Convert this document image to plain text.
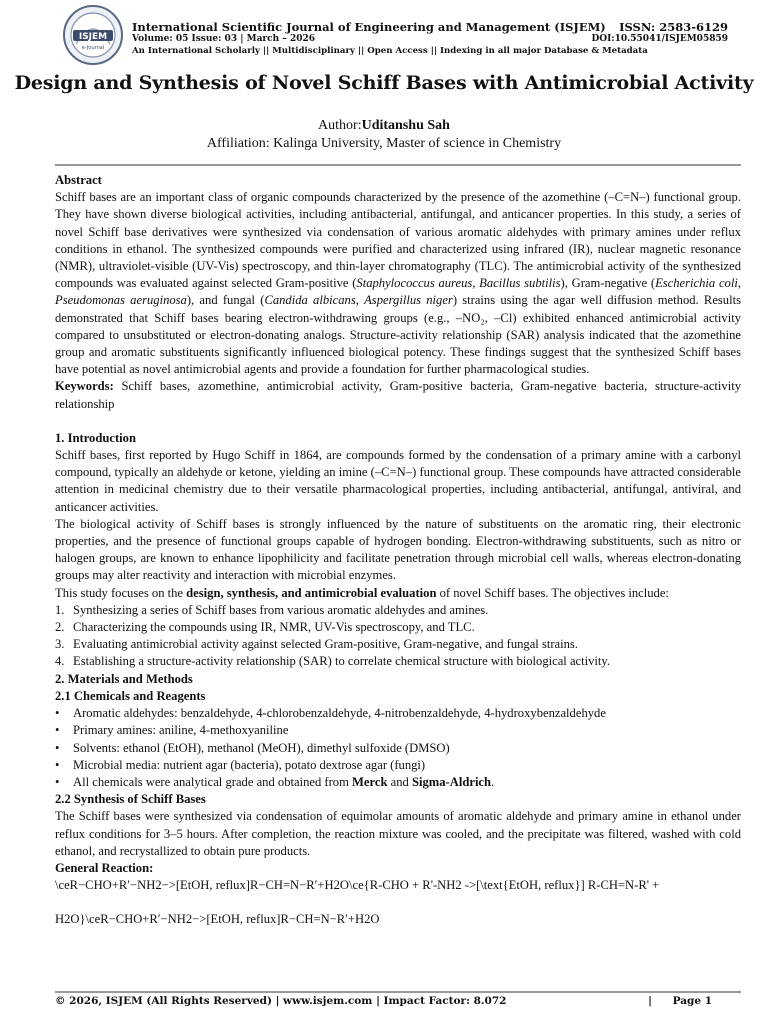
ISJEM
e-Journal
International Scientific Journal of Engineering and Management (ISJEM) ISSN: 2583-6129
Volume: 05 Issue: 03 | March – 2026	DOI:10.55041/ISJEM05859
An International Scholarly || Multidisciplinary || Open Access || Indexing in all major Database & Metadata
Design and Synthesis of Novel Schiff Bases with Antimicrobial Activity
Author:Uditanshu Sah
Affiliation: Kalinga University, Master of science in Chemistry

Abstract

Schiff bases are an important class of organic compounds characterized by the presence of the azomethine (–C=N–) functional group. They have shown diverse biological activities, including antibacterial, antifungal, and anticancer properties. In this study, a series of novel Schiff base derivatives were synthesized via condensation of various aromatic aldehydes with primary amines under reflux conditions in ethanol. The synthesized compounds were purified and characterized using infrared (IR), nuclear magnetic resonance (NMR), ultraviolet-visible (UV-Vis) spectroscopy, and thin-layer chromatography (TLC). The antimicrobial activity of the synthesized compounds was evaluated against selected Gram-positive (Staphylococcus aureus, Bacillus subtilis), Gram-negative (Escherichia coli, Pseudomonas aeruginosa), and fungal (Candida albicans, Aspergillus niger) strains using the agar well diffusion method. Results demonstrated that Schiff bases bearing electron-withdrawing groups (e.g., –NO₂, –Cl) exhibited enhanced antimicrobial activity compared to unsubstituted or electron-donating analogs. Structure-activity relationship (SAR) analysis indicated that the azomethine group and aromatic substituents significantly influenced biological potency. These findings suggest that the synthesized Schiff bases have potential as novel antimicrobial agents and provide a foundation for further pharmacological studies.

Keywords: Schiff bases, azomethine, antimicrobial activity, Gram-positive bacteria, Gram-negative bacteria, structure-activity relationship

1. Introduction

Schiff bases, first reported by Hugo Schiff in 1864, are compounds formed by the condensation of a primary amine with a carbonyl compound, typically an aldehyde or ketone, yielding an imine (–C=N–) functional group. These compounds have attracted considerable attention in medicinal chemistry due to their versatile pharmacological properties, including antibacterial, antifungal, antiviral, and anticancer activities.

The biological activity of Schiff bases is strongly influenced by the nature of substituents on the aromatic ring, their electronic properties, and the presence of functional groups capable of hydrogen bonding. Electron-withdrawing substituents, such as nitro or halogen groups, are known to enhance lipophilicity and facilitate penetration through microbial cell walls, whereas electron-donating groups may alter reactivity and interaction with microbial enzymes.

This study focuses on the design, synthesis, and antimicrobial evaluation of novel Schiff bases. The objectives include:

1. Synthesizing a series of Schiff bases from various aromatic aldehydes and amines.
2. Characterizing the compounds using IR, NMR, UV-Vis spectroscopy, and TLC.
3. Evaluating antimicrobial activity against selected Gram-positive, Gram-negative, and fungal strains.
4. Establishing a structure-activity relationship (SAR) to correlate chemical structure with biological activity.

2. Materials and Methods

2.1 Chemicals and Reagents

• Aromatic aldehydes: benzaldehyde, 4-chlorobenzaldehyde, 4-nitrobenzaldehyde, 4-hydroxybenzaldehyde
• Primary amines: aniline, 4-methoxyaniline
• Solvents: ethanol (EtOH), methanol (MeOH), dimethyl sulfoxide (DMSO)
• Microbial media: nutrient agar (bacteria), potato dextrose agar (fungi)
• All chemicals were analytical grade and obtained from Merck and Sigma-Aldrich.

2.2 Synthesis of Schiff Bases

The Schiff bases were synthesized via condensation of equimolar amounts of aromatic aldehyde and primary amine in ethanol under reflux conditions for 3–5 hours. After completion, the reaction mixture was cooled, and the precipitate was filtered, washed with cold ethanol, and recrystallized to obtain pure products.

General Reaction:

\ceR−CHO+R′−NH2−>[EtOH, reflux]R−CH=N−R′+H2O\ce{R-CHO + R'-NH2 ->[\text{EtOH, reflux}] R-CH=N-R' +
H2O}\ceR−CHO+R′−NH2−>[EtOH, reflux]R−CH=N−R′+H2O
© 2026, ISJEM (All Rights Reserved) | www.isjem.com | Impact Factor: 8.072	| Page 1
